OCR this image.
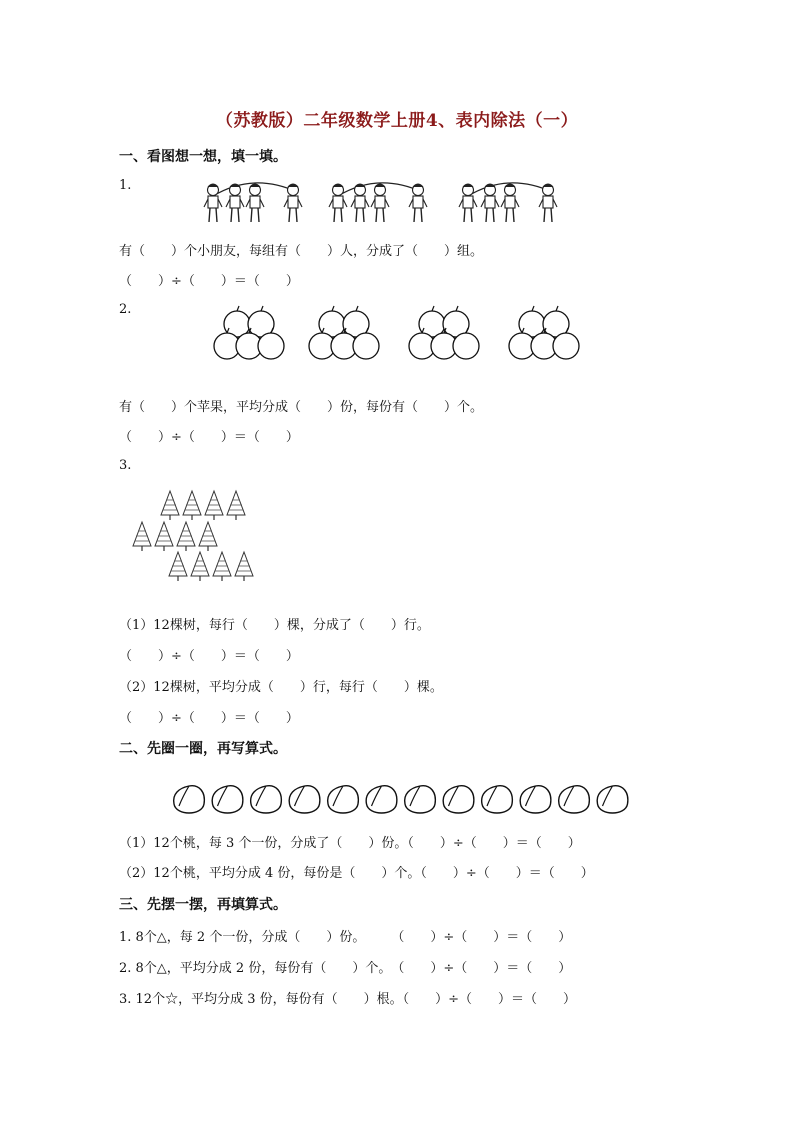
（苏教版）二年级数学上册4、表内除法（一）
一、看图想一想，填一填。
1.
有（　　）个小朋友，每组有（　　）人，分成了（　　）组。
（　　）÷（　　）＝（　　）
2.
有（　　）个苹果，平均分成（　　）份，每份有（　　）个。
（　　）÷（　　）＝（　　）
3.
（1）12棵树，每行（　　）棵，分成了（　　）行。
（　　）÷（　　）＝（　　）
（2）12棵树，平均分成（　　）行，每行（　　）棵。
（　　）÷（　　）＝（　　）
二、先圈一圈，再写算式。
（1）12个桃，每 3 个一份，分成了（　　）份。（　　）÷（　　）＝（　　）
（2）12个桃，平均分成 4 份，每份是（　　）个。（　　）÷（　　）＝（　　）
三、先摆一摆，再填算式。
1. 8个△，每 2 个一份，分成（　　）份。　　　（　　）÷（　　）＝（　　）
2. 8个△，平均分成 2 份，每份有（　　）个。　（　　）÷（　　）＝（　　）
3. 12个☆，平均分成 3 份，每份有（　　）根。（　　）÷（　　）＝（　　）
